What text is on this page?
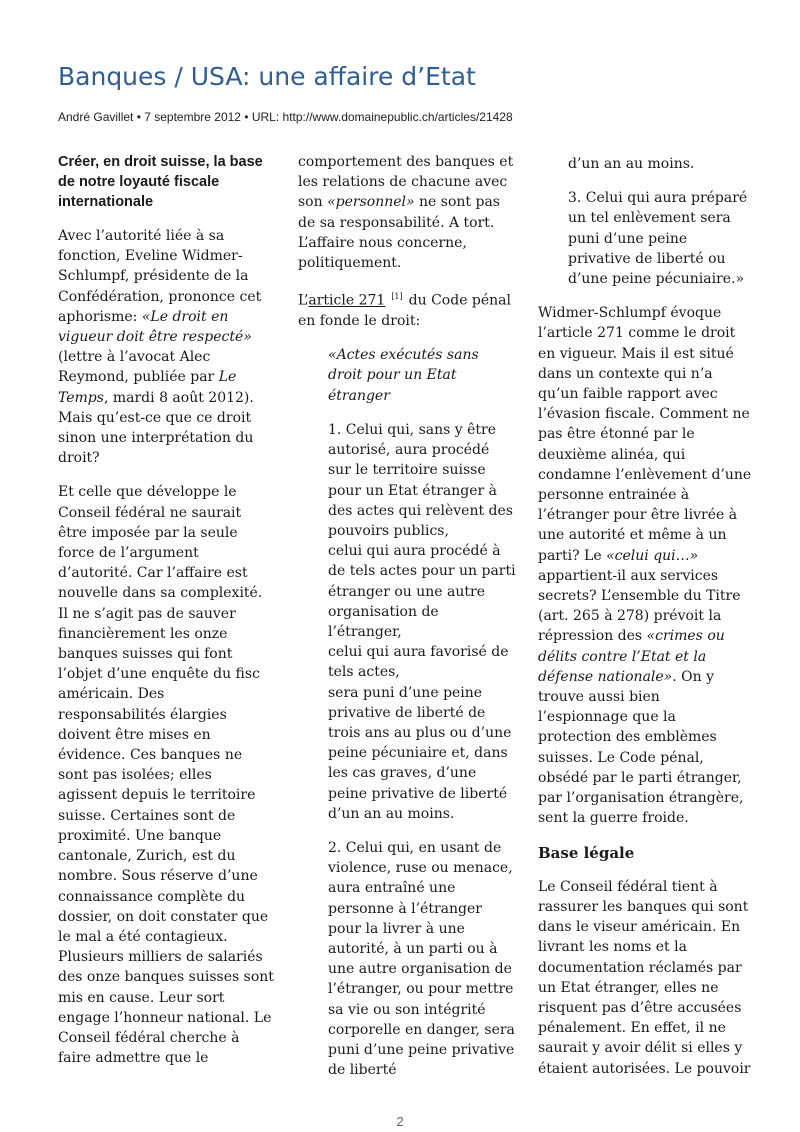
Banques / USA: une affaire d’Etat

André Gavillet • 7 septembre 2012 • URL: http://www.domainepublic.ch/articles/21428

Créer, en droit suisse, la base de notre loyauté fiscale internationale

Avec l’autorité liée à sa fonction, Eveline Widmer-Schlumpf, présidente de la Confédération, prononce cet aphorisme: «Le droit en vigueur doit être respecté» (lettre à l’avocat Alec Reymond, publiée par Le Temps, mardi 8 août 2012). Mais qu’est-ce que ce droit sinon une interprétation du droit?

Et celle que développe le Conseil fédéral ne saurait être imposée par la seule force de l’argument d’autorité. Car l’affaire est nouvelle dans sa complexité. Il ne s’agit pas de sauver financièrement les onze banques suisses qui font l’objet d’une enquête du fisc américain. Des responsabilités élargies doivent être mises en évidence. Ces banques ne sont pas isolées; elles agissent depuis le territoire suisse. Certaines sont de proximité. Une banque cantonale, Zurich, est du nombre. Sous réserve d’une connaissance complète du dossier, on doit constater que le mal a été contagieux. Plusieurs milliers de salariés des onze banques suisses sont mis en cause. Leur sort engage l’honneur national. Le Conseil fédéral cherche à faire admettre que le

comportement des banques et les relations de chacune avec son «personnel» ne sont pas de sa responsabilité. A tort. L’affaire nous concerne, politiquement.

L’article 271 [1] du Code pénal en fonde le droit:

«Actes exécutés sans droit pour un Etat étranger

1. Celui qui, sans y être autorisé, aura procédé sur le territoire suisse pour un Etat étranger à des actes qui relèvent des pouvoirs publics,
celui qui aura procédé à de tels actes pour un parti étranger ou une autre organisation de l’étranger,
celui qui aura favorisé de tels actes,
sera puni d’une peine privative de liberté de trois ans au plus ou d’une peine pécuniaire et, dans les cas graves, d’une peine privative de liberté d’un an au moins.

2. Celui qui, en usant de violence, ruse ou menace, aura entraîné une personne à l’étranger pour la livrer à une autorité, à un parti ou à une autre organisation de l’étranger, ou pour mettre sa vie ou son intégrité corporelle en danger, sera puni d’une peine privative de liberté

d’un an au moins.

3. Celui qui aura préparé un tel enlèvement sera puni d’une peine privative de liberté ou d’une peine pécuniaire.»

Widmer-Schlumpf évoque l’article 271 comme le droit en vigueur. Mais il est situé dans un contexte qui n’a qu’un faible rapport avec l’évasion fiscale. Comment ne pas être étonné par le deuxième alinéa, qui condamne l’enlèvement d’une personne entrainée à l’étranger pour être livrée à une autorité et même à un parti? Le «celui qui…» appartient-il aux services secrets? L’ensemble du Titre (art. 265 à 278) prévoit la répression des «crimes ou délits contre l’Etat et la défense nationale». On y trouve aussi bien l’espionnage que la protection des emblèmes suisses. Le Code pénal, obsédé par le parti étranger, par l’organisation étrangère, sent la guerre froide.

Base légale

Le Conseil fédéral tient à rassurer les banques qui sont dans le viseur américain. En livrant les noms et la documentation réclamés par un Etat étranger, elles ne risquent pas d’être accusées pénalement. En effet, il ne saurait y avoir délit si elles y étaient autorisées. Le pouvoir

2
